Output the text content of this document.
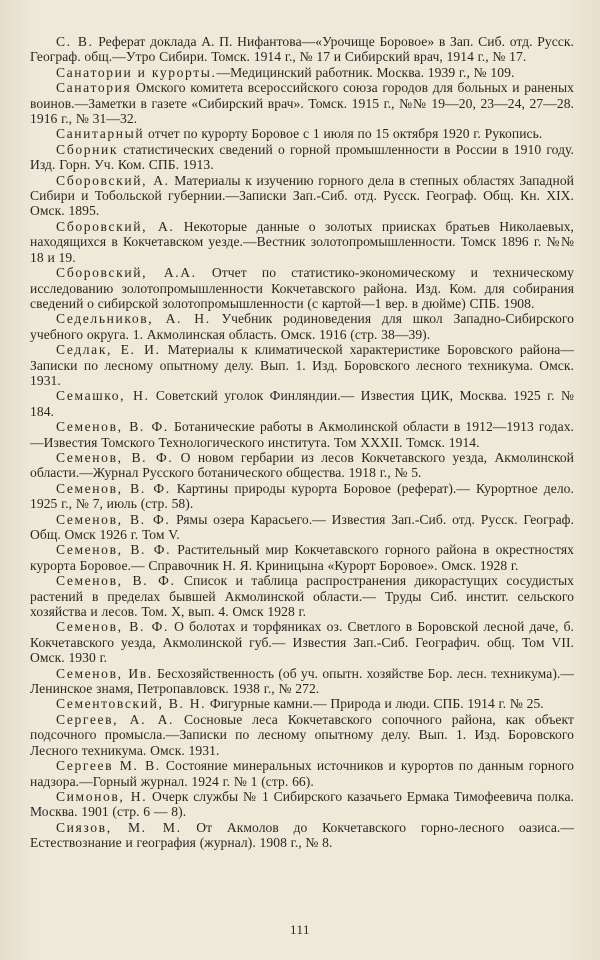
С. В. Реферат доклада А. П. Нифантова—«Урочище Боровое» в Зап. Сиб. отд. Русск. Географ. общ.—Утро Сибири. Томск. 1914 г., № 17 и Сибирский врач, 1914 г., № 17.
Санатории и курорты.—Медицинский работник. Москва. 1939 г., № 109.
Санатория Омского комитета всероссийского союза городов для больных и раненых воинов.—Заметки в газете «Сибирский врач». Томск. 1915 г., №№ 19—20, 23—24, 27—28. 1916 г., № 31—32.
Санитарный отчет по курорту Боровое с 1 июля по 15 октября 1920 г. Рукопись.
Сборник статистических сведений о горной промышленности в России в 1910 году. Изд. Горн. Уч. Ком. СПБ. 1913.
Сборовский, А. Материалы к изучению горного дела в степных областях Западной Сибири и Тобольской губернии.—Записки Зап.-Сиб. отд. Русск. Географ. Общ. Кн. XIX. Омск. 1895.
Сборовский, А. Некоторые данные о золотых приисках братьев Николаевых, находящихся в Кокчетавском уезде.—Вестник золотопромышленности. Томск 1896 г. №№ 18 и 19.
Сборовский, А.А. Отчет по статистико-экономическому и техническому исследованию золотопромышленности Кокчетавского района. Изд. Ком. для собирания сведений о сибирской золотопромышленности (с картой—1 вер. в дюйме) СПБ. 1908.
Седельников, А. Н. Учебник родиноведения для школ Западно-Сибирского учебного округа. 1. Акмолинская область. Омск. 1916 (стр. 38—39).
Седлак, Е. И. Материалы к климатической характеристике Боровского района—Записки по лесному опытному делу. Вып. 1. Изд. Боровского лесного техникума. Омск. 1931.
Семашко, Н. Советский уголок Финляндии.— Известия ЦИК, Москва. 1925 г. № 184.
Семенов, В. Ф. Ботанические работы в Акмолинской области в 1912—1913 годах.—Известия Томского Технологического института. Том XXXII. Томск. 1914.
Семенов, В. Ф. О новом гербарии из лесов Кокчетавского уезда, Акмолинской области.—Журнал Русского ботанического общества. 1918 г., № 5.
Семенов, В. Ф. Картины природы курорта Боровое (реферат).— Курортное дело. 1925 г., № 7, июль (стр. 58).
Семенов, В. Ф. Рямы озера Карасьего.— Известия Зап.-Сиб. отд. Русск. Географ. Общ. Омск 1926 г. Том V.
Семенов, В. Ф. Растительный мир Кокчетавского горного района в окрестностях курорта Боровое.— Справочник Н. Я. Криницына «Курорт Боровое». Омск. 1928 г.
Семенов, В. Ф. Список и таблица распространения дикорастущих сосудистых растений в пределах бывшей Акмолинской области.— Труды Сиб. инстит. сельского хозяйства и лесов. Том. X, вып. 4. Омск 1928 г.
Семенов, В. Ф. О болотах и торфяниках оз. Светлого в Боровской лесной даче, б. Кокчетавского уезда, Акмолинской губ.— Известия Зап.-Сиб. Географич. общ. Том VII. Омск. 1930 г.
Семенов, Ив. Бесхозяйственность (об уч. опытн. хозяйстве Бор. лесн. техникума).—Ленинское знамя, Петропавловск. 1938 г., № 272.
Сементовский, В. Н. Фигурные камни.— Природа и люди. СПБ. 1914 г. № 25.
Сергеев, А. А. Сосновые леса Кокчетавского сопочного района, как объект подсочного промысла.—Записки по лесному опытному делу. Вып. 1. Изд. Боровского Лесного техникума. Омск. 1931.
Сергеев М. В. Состояние минеральных источников и курортов по данным горного надзора.—Горный журнал. 1924 г. № 1 (стр. 66).
Симонов, Н. Очерк службы № 1 Сибирского казачьего Ермака Тимофеевича полка. Москва. 1901 (стр. 6 — 8).
Сиязов, М. М. От Акмолов до Кокчетавского горно-лесного оазиса.— Естествознание и география (журнал). 1908 г., № 8.
111
